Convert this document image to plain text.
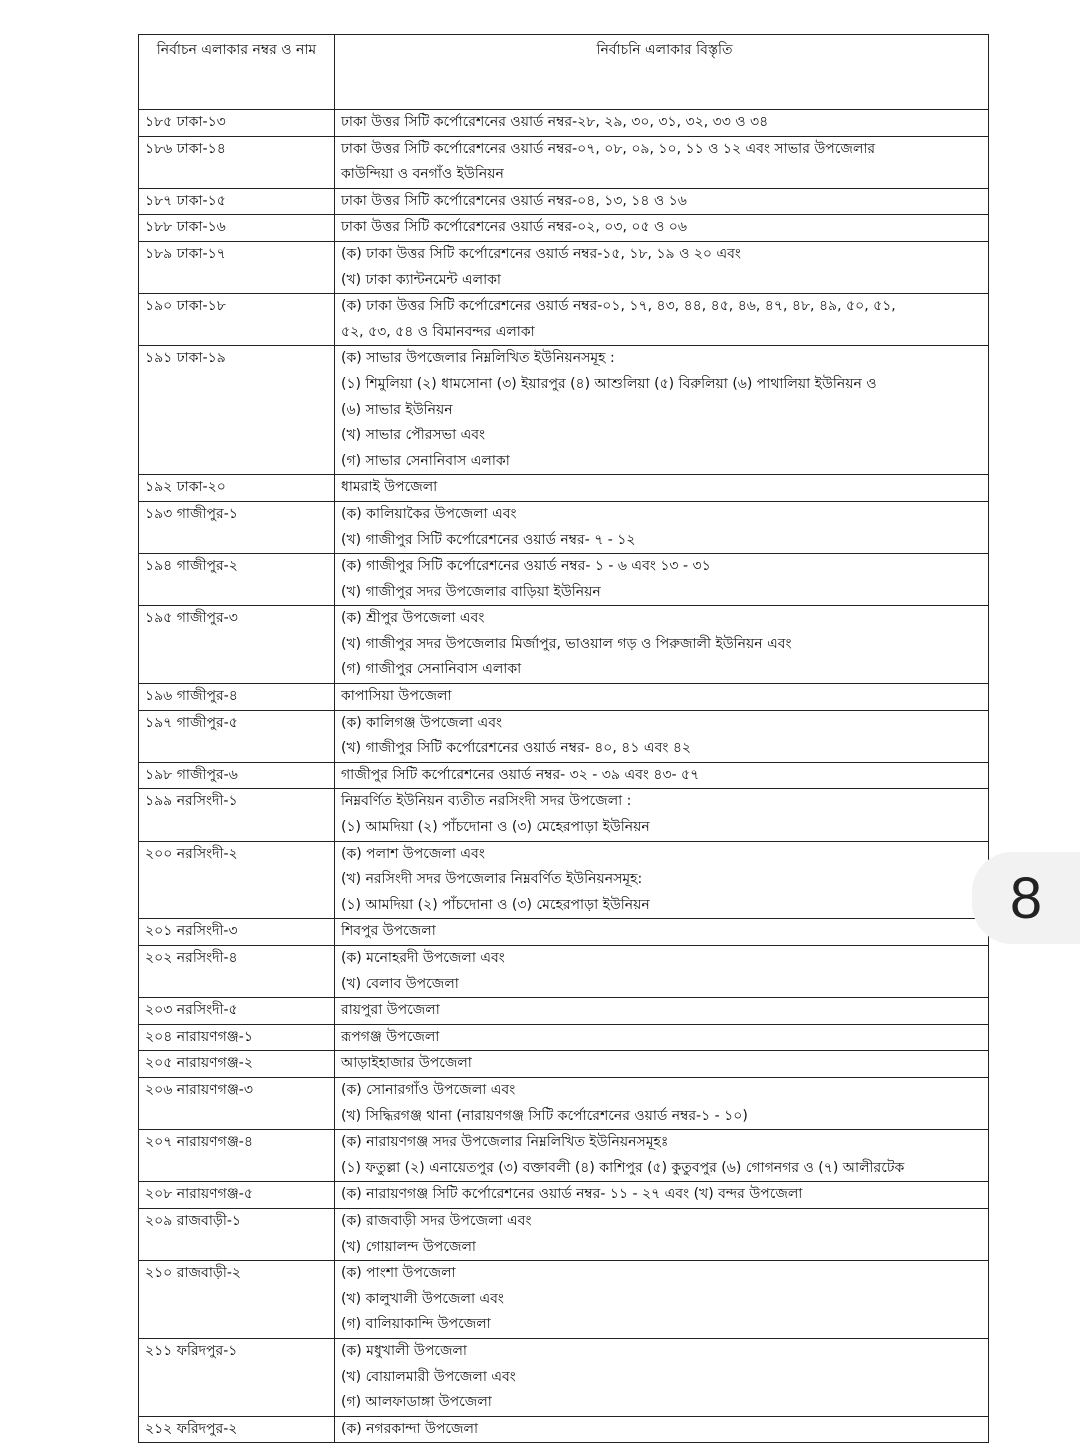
নির্বাচন এলাকার নম্বর ও নাম	নির্বাচনি এলাকার বিস্তৃতি
১৮৫ ঢাকা-১৩	ঢাকা উত্তর সিটি কর্পোরেশনের ওয়ার্ড নম্বর-২৮, ২৯, ৩০, ৩১, ৩২, ৩৩ ও ৩৪

১৮৬ ঢাকা-১৪	ঢাকা উত্তর সিটি কর্পোরেশনের ওয়ার্ড নম্বর-০৭, ০৮, ০৯, ১০, ১১ ও ১২ এবং সাভার উপজেলার
কাউন্দিয়া ও বনগাঁও ইউনিয়ন

১৮৭ ঢাকা-১৫	ঢাকা উত্তর সিটি কর্পোরেশনের ওয়ার্ড নম্বর-০৪, ১৩, ১৪ ও ১৬

১৮৮ ঢাকা-১৬	ঢাকা উত্তর সিটি কর্পোরেশনের ওয়ার্ড নম্বর-০২, ০৩, ০৫ ও ০৬

১৮৯ ঢাকা-১৭	(ক) ঢাকা উত্তর সিটি কর্পোরেশনের ওয়ার্ড নম্বর-১৫, ১৮, ১৯ ও ২০ এবং
(খ) ঢাকা ক্যান্টনমেন্ট এলাকা

১৯০ ঢাকা-১৮	(ক) ঢাকা উত্তর সিটি কর্পোরেশনের ওয়ার্ড নম্বর-০১, ১৭, ৪৩, ৪৪, ৪৫, ৪৬, ৪৭, ৪৮, ৪৯, ৫০, ৫১,
৫২, ৫৩, ৫৪ ও বিমানবন্দর এলাকা

১৯১ ঢাকা-১৯	(ক) সাভার উপজেলার নিম্নলিখিত ইউনিয়নসমূহ :
(১) শিমুলিয়া (২) ধামসোনা (৩) ইয়ারপুর (৪) আশুলিয়া (৫) বিরুলিয়া (৬) পাথালিয়া ইউনিয়ন ও
(৬) সাভার ইউনিয়ন
(খ) সাভার পৌরসভা এবং
(গ) সাভার সেনানিবাস এলাকা

১৯২ ঢাকা-২০	ধামরাই উপজেলা

১৯৩ গাজীপুর-১	(ক) কালিয়াকৈর উপজেলা এবং
(খ) গাজীপুর সিটি কর্পোরেশনের ওয়ার্ড নম্বর- ৭ - ১২

১৯৪ গাজীপুর-২	(ক) গাজীপুর সিটি কর্পোরেশনের ওয়ার্ড নম্বর- ১ - ৬ এবং ১৩ - ৩১
(খ) গাজীপুর সদর উপজেলার বাড়িয়া ইউনিয়ন

১৯৫ গাজীপুর-৩	(ক) শ্রীপুর উপজেলা এবং
(খ) গাজীপুর সদর উপজেলার মির্জাপুর, ভাওয়াল গড় ও পিরুজালী ইউনিয়ন এবং
(গ) গাজীপুর সেনানিবাস এলাকা

১৯৬ গাজীপুর-৪	কাপাসিয়া উপজেলা

১৯৭ গাজীপুর-৫	(ক) কালিগঞ্জ উপজেলা এবং
(খ) গাজীপুর সিটি কর্পোরেশনের ওয়ার্ড নম্বর- ৪০, ৪১ এবং ৪২

১৯৮ গাজীপুর-৬	গাজীপুর সিটি কর্পোরেশনের ওয়ার্ড নম্বর- ৩২ - ৩৯ এবং ৪৩- ৫৭

১৯৯ নরসিংদী-১	নিম্নবর্ণিত ইউনিয়ন ব্যতীত নরসিংদী সদর উপজেলা :
(১) আমদিয়া (২) পাঁচদোনা ও (৩) মেহেরপাড়া ইউনিয়ন

২০০ নরসিংদী-২	(ক) পলাশ উপজেলা এবং
(খ) নরসিংদী সদর উপজেলার নিম্নবর্ণিত ইউনিয়নসমূহ:
(১) আমদিয়া (২) পাঁচদোনা ও (৩) মেহেরপাড়া ইউনিয়ন

২০১ নরসিংদী-৩	শিবপুর উপজেলা

২০২ নরসিংদী-৪	(ক) মনোহরদী উপজেলা এবং
(খ) বেলাব উপজেলা

২০৩ নরসিংদী-৫	রায়পুরা উপজেলা

২০৪ নারায়ণগঞ্জ-১	রূপগঞ্জ উপজেলা

২০৫ নারায়ণগঞ্জ-২	আড়াইহাজার উপজেলা

২০৬ নারায়ণগঞ্জ-৩	(ক) সোনারগাঁও উপজেলা এবং
(খ) সিদ্ধিরগঞ্জ থানা (নারায়ণগঞ্জ সিটি কর্পোরেশনের ওয়ার্ড নম্বর-১ - ১০)

২০৭ নারায়ণগঞ্জ-৪	(ক) নারায়ণগঞ্জ সদর উপজেলার নিম্নলিখিত ইউনিয়নসমূহঃ
(১) ফতুল্লা (২) এনায়েতপুর (৩) বক্তাবলী (৪) কাশিপুর (৫) কুতুবপুর (৬) গোগনগর ও (৭) আলীরটেক

২০৮ নারায়ণগঞ্জ-৫	(ক) নারায়ণগঞ্জ সিটি কর্পোরেশনের ওয়ার্ড নম্বর- ১১ - ২৭ এবং (খ) বন্দর উপজেলা

২০৯ রাজবাড়ী-১	(ক) রাজবাড়ী সদর উপজেলা এবং
(খ) গোয়ালন্দ উপজেলা

২১০ রাজবাড়ী-২	(ক) পাংশা উপজেলা
(খ) কালুখালী উপজেলা এবং
(গ) বালিয়াকান্দি উপজেলা

২১১ ফরিদপুর-১	(ক) মধুখালী উপজেলা
(খ) বোয়ালমারী উপজেলা এবং
(গ) আলফাডাঙ্গা উপজেলা

২১২ ফরিদপুর-২	(ক) নগরকান্দা উপজেলা
8
